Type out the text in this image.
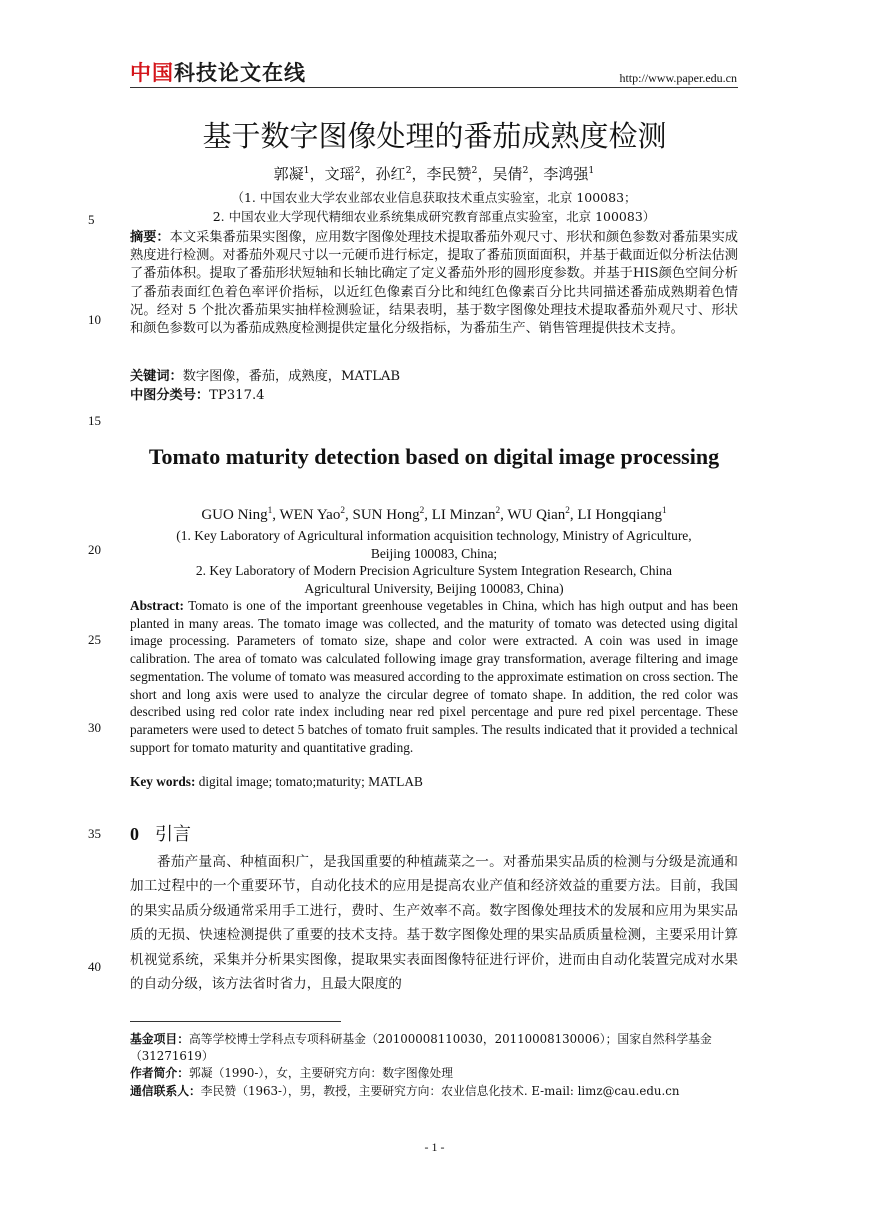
中国科技论文在线	http://www.paper.edu.cn
5
10
15
20
25
30
35
40
基于数字图像处理的番茄成熟度检测
郭凝$^1$，文瑶$^2$，孙红$^2$，李民赞$^2$，吴倩$^2$，李鸿强$^1$
（1. 中国农业大学农业部农业信息获取技术重点实验室，北京 100083；
2. 中国农业大学现代精细农业系统集成研究教育部重点实验室，北京 100083）
摘要：本文采集番茄果实图像，应用数字图像处理技术提取番茄外观尺寸、形状和颜色参数对番茄果实成熟度进行检测。对番茄外观尺寸以一元硬币进行标定，提取了番茄顶面面积，并基于截面近似分析法估测了番茄体积。提取了番茄形状短轴和长轴比确定了定义番茄外形的圆形度参数。并基于HIS颜色空间分析了番茄表面红色着色率评价指标，以近红色像素百分比和纯红色像素百分比共同描述番茄成熟期着色情况。经对 5 个批次番茄果实抽样检测验证，结果表明，基于数字图像处理技术提取番茄外观尺寸、形状和颜色参数可以为番茄成熟度检测提供定量化分级指标，为番茄生产、销售管理提供技术支持。
关键词：数字图像，番茄，成熟度，MATLAB
中图分类号：TP317.4
Tomato maturity detection based on digital image processing
GUO Ning$^1$, WEN Yao$^2$, SUN Hong$^2$, LI Minzan$^2$, WU Qian$^2$, LI Hongqiang$^1$
(1. Key Laboratory of Agricultural information acquisition technology, Ministry of Agriculture,
Beijing 100083, China;
2. Key Laboratory of Modern Precision Agriculture System Integration Research, China
Agricultural University, Beijing 100083, China)
Abstract: Tomato is one of the important greenhouse vegetables in China, which has high output and has been planted in many areas. The tomato image was collected, and the maturity of tomato was detected using digital image processing. Parameters of tomato size, shape and color were extracted. A coin was used in image calibration. The area of tomato was calculated following image gray transformation, average filtering and image segmentation. The volume of tomato was measured according to the approximate estimation on cross section. The short and long axis were used to analyze the circular degree of tomato shape. In addition, the red color was described using red color rate index including near red pixel percentage and pure red pixel percentage. These parameters were used to detect 5 batches of tomato fruit samples. The results indicated that it provided a technical support for tomato maturity and quantitative grading.
Key words: digital image; tomato;maturity; MATLAB
0 引言
番茄产量高、种植面积广，是我国重要的种植蔬菜之一。对番茄果实品质的检测与分级是流通和加工过程中的一个重要环节，自动化技术的应用是提高农业产值和经济效益的重要方法。目前，我国的果实品质分级通常采用手工进行，费时、生产效率不高。数字图像处理技术的发展和应用为果实品质的无损、快速检测提供了重要的技术支持。基于数字图像处理的果实品质质量检测，主要采用计算机视觉系统，采集并分析果实图像，提取果实表面图像特征进行评价，进而由自动化装置完成对水果的自动分级，该方法省时省力，且最大限度的
基金项目：高等学校博士学科点专项科研基金（20100008110030，20110008130006）；国家自然科学基金（31271619）
作者简介：郭凝（1990-），女，主要研究方向：数字图像处理
通信联系人：李民赞（1963-），男，教授，主要研究方向：农业信息化技术. E-mail: limz@cau.edu.cn
- 1 -
